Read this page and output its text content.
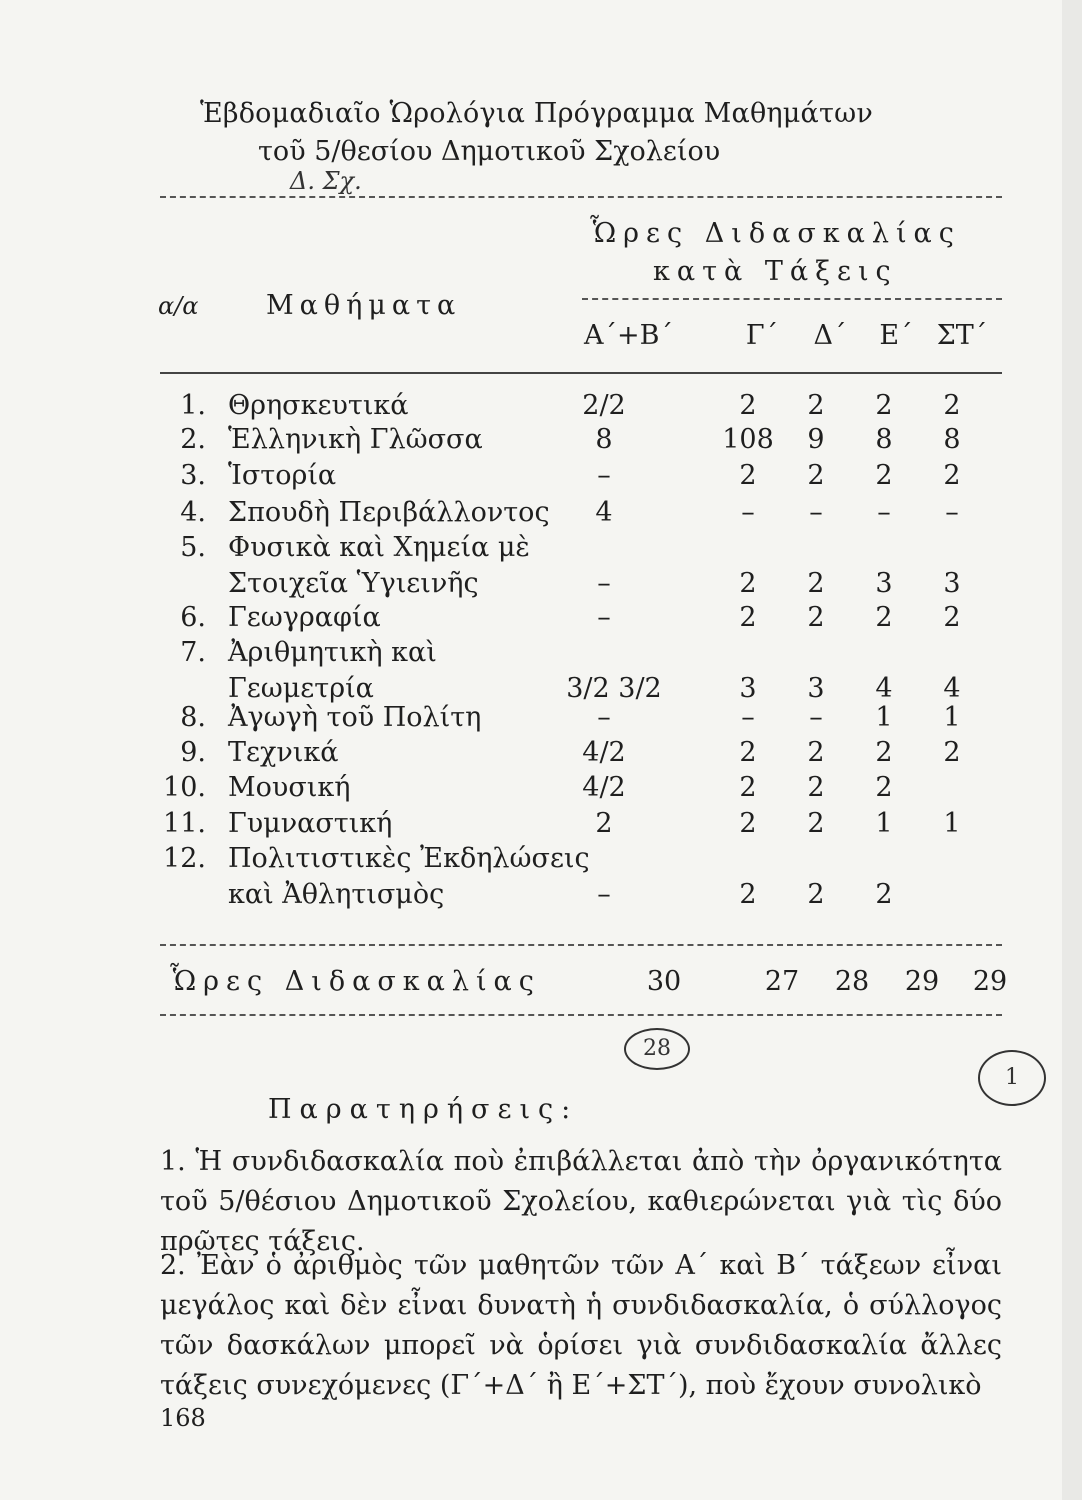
Ἑβδομαδιαῖο Ὡρολόγια Πρόγραμμα Μαθημάτων
τοῦ 5/θεσίου Δημοτικοῦ Σχολείου
Δ. Σχ.
Ὧρες Διδασκαλίας
κατὰ Τάξεις
α/α	Μαθήματα
Α΄+Β΄	Γ΄	Δ΄	Ε΄ ΣΤ΄
1. Θρησκευτικά	2/2	2	2	2	2
2. Ἑλληνικὴ Γλῶσσα	8	108	9	8	8
3. Ἱστορία	–	2	2	2	2
4. Σπουδὴ Περιβάλλοντος	4	–	–	–	–
5. Φυσικὰ καὶ Χημεία μὲ
Στοιχεῖα Ὑγιεινῆς	–	2	2	3	3
6. Γεωγραφία	–	2	2	2	2
7. Ἀριθμητικὴ καὶ
Γεωμετρία	3/2 3/2	3	3	4	4
8. Ἀγωγὴ τοῦ Πολίτη	–	–	–	1	1
9. Τεχνικά	4/2	2	2	2	2
10. Μουσική	4/2	2	2	2
11. Γυμναστική	2	2	2	1	1
12. Πολιτιστικὲς Ἐκδηλώσεις
καὶ Ἀθλητισμὸς	–	2	2	2
Ὧρες Διδασκαλίας	30	27	28	29	29
28
1
Παρατηρήσεις:
1. Ἡ συνδιδασκαλία ποὺ ἐπιβάλλεται ἀπὸ τὴν ὀργανικότητα τοῦ 5/θέσιου Δημοτικοῦ Σχολείου, καθιερώνεται γιὰ τὶς δύο πρῶτες τάξεις.
2. Ἐὰν ὁ ἀριθμὸς τῶν μαθητῶν τῶν Α΄ καὶ Β΄ τάξεων εἶναι μεγάλος καὶ δὲν εἶναι δυνατὴ ἡ συνδιδασκαλία, ὁ σύλλογος τῶν δασκάλων μπορεῖ νὰ ὁρίσει γιὰ συνδιδασκαλία ἄλλες τάξεις συνεχόμενες (Γ΄+Δ΄ ἢ Ε΄+ΣΤ΄), ποὺ ἔχουν συνολικὸ
168
